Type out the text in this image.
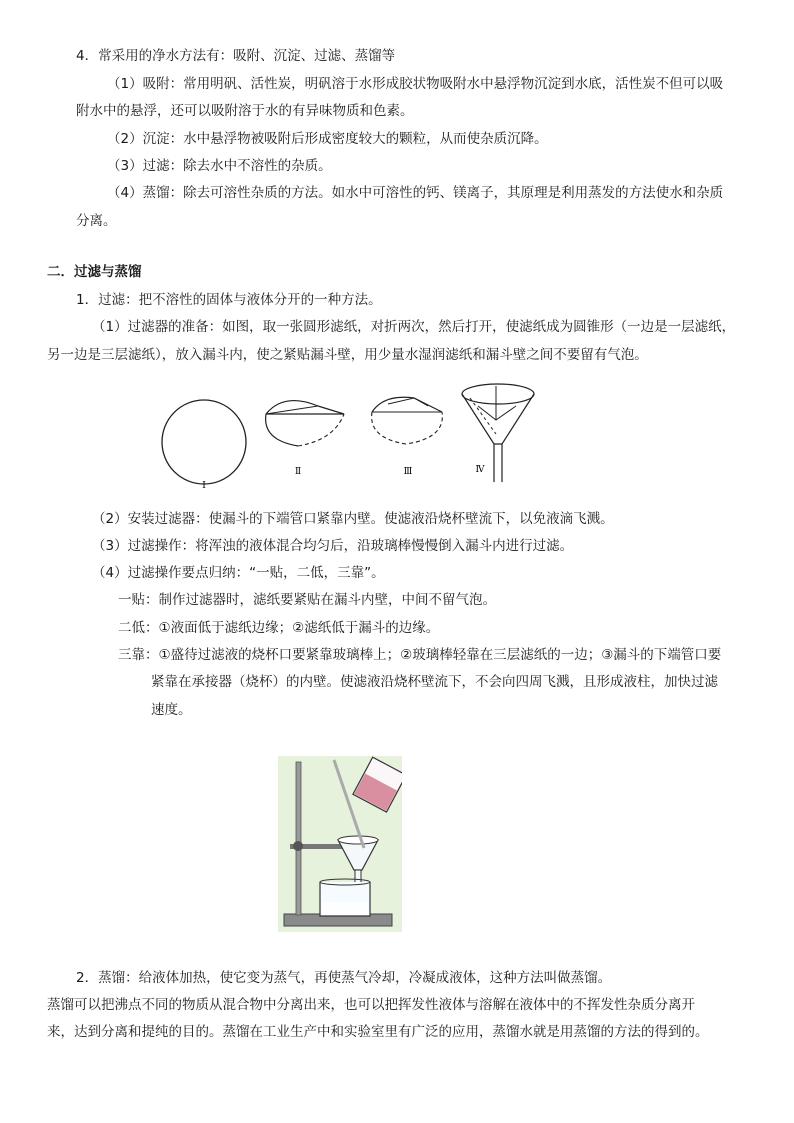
4．常采用的净水方法有：吸附、沉淀、过滤、蒸馏等
（1）吸附：常用明矾、活性炭，明矾溶于水形成胶状物吸附水中悬浮物沉淀到水底，活性炭不但可以吸
附水中的悬浮，还可以吸附溶于水的有异味物质和色素。
（2）沉淀：水中悬浮物被吸附后形成密度较大的颗粒，从而使杂质沉降。
（3）过滤：除去水中不溶性的杂质。
（4）蒸馏：除去可溶性杂质的方法。如水中可溶性的钙、镁离子，其原理是利用蒸发的方法使水和杂质
分离。
二．过滤与蒸馏
1．过滤：把不溶性的固体与液体分开的一种方法。
（1）过滤器的准备：如图，取一张圆形滤纸，对折两次，然后打开，使滤纸成为圆锥形（一边是一层滤纸，
另一边是三层滤纸），放入漏斗内，使之紧贴漏斗壁，用少量水湿润滤纸和漏斗壁之间不要留有气泡。
Ⅰ
Ⅱ	Ⅲ	Ⅳ
（2）安装过滤器：使漏斗的下端管口紧靠内壁。使滤液沿烧杯壁流下，以免液滴飞溅。
（3）过滤操作：将浑浊的液体混合均匀后，沿玻璃棒慢慢倒入漏斗内进行过滤。
（4）过滤操作要点归纳：“一贴，二低，三靠”。
一贴：制作过滤器时，滤纸要紧贴在漏斗内壁，中间不留气泡。
二低：①液面低于滤纸边缘；②滤纸低于漏斗的边缘。
三靠：①盛待过滤液的烧杯口要紧靠玻璃棒上；②玻璃棒轻靠在三层滤纸的一边；③漏斗的下端管口要
紧靠在承接器（烧杯）的内壁。使滤液沿烧杯壁流下，不会向四周飞溅，且形成液柱，加快过滤
速度。
2．蒸馏：给液体加热，使它变为蒸气，再使蒸气冷却，冷凝成液体，这种方法叫做蒸馏。
蒸馏可以把沸点不同的物质从混合物中分离出来，也可以把挥发性液体与溶解在液体中的不挥发性杂质分离开
来，达到分离和提纯的目的。蒸馏在工业生产中和实验室里有广泛的应用，蒸馏水就是用蒸馏的方法的得到的。
